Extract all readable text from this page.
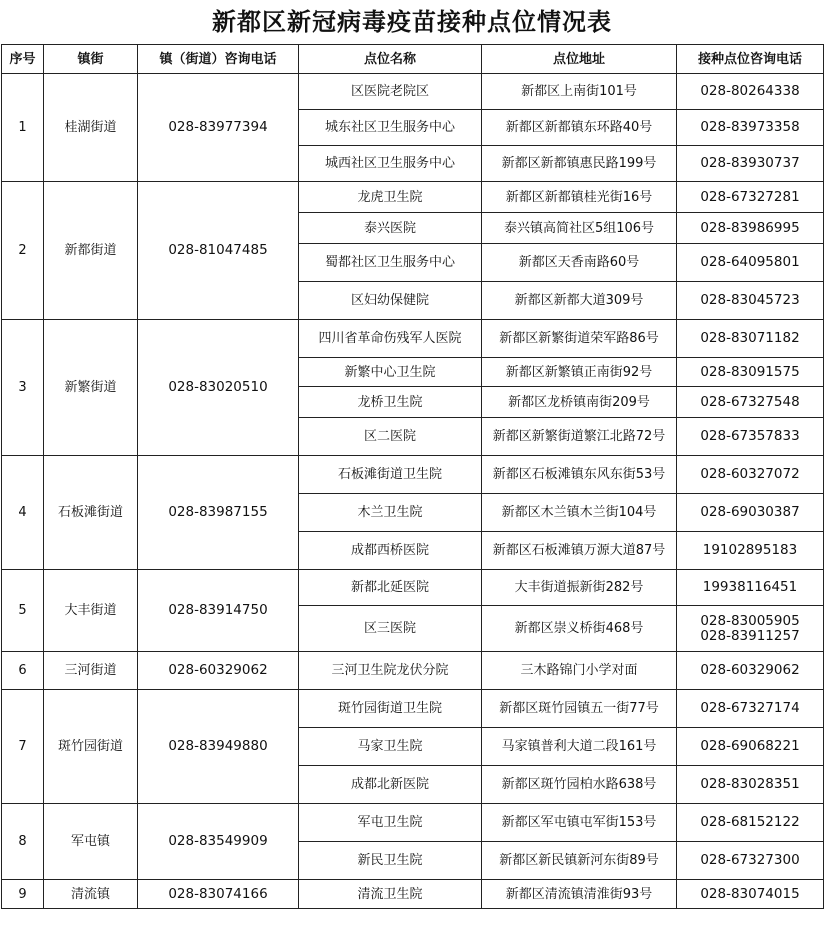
新都区新冠病毒疫苗接种点位情况表
序号	镇街	镇（街道）咨询电话	点位名称	点位地址	接种点位咨询电话
1	桂湖街道	028-83977394	区医院老院区	新都区上南街101号	028-80264338

			城东社区卫生服务中心	新都区新都镇东环路40号	028-83973358

			城西社区卫生服务中心	新都区新都镇惠民路199号	028-83930737

2	新都街道	028-81047485	龙虎卫生院	新都区新都镇桂光街16号	028-67327281

			泰兴医院	泰兴镇高简社区5组106号	028-83986995

			蜀都社区卫生服务中心	新都区天香南路60号	028-64095801

			区妇幼保健院	新都区新都大道309号	028-83045723

3	新繁街道	028-83020510	四川省革命伤残军人医院	新都区新繁街道荣军路86号	028-83071182

			新繁中心卫生院	新都区新繁镇正南街92号	028-83091575

			龙桥卫生院	新都区龙桥镇南街209号	028-67327548

			区二医院	新都区新繁街道繁江北路72号	028-67357833

4	石板滩街道	028-83987155	石板滩街道卫生院	新都区石板滩镇东风东街53号	028-60327072

			木兰卫生院	新都区木兰镇木兰街104号	028-69030387

			成都西桥医院	新都区石板滩镇万源大道87号	19102895183

5	大丰街道	028-83914750	新都北延医院	大丰街道振新街282号	19938116451

			区三医院	新都区崇义桥街468号	028-83005905
028-83911257

6	三河街道	028-60329062	三河卫生院龙伏分院	三木路锦门小学对面	028-60329062

7	斑竹园街道	028-83949880	斑竹园街道卫生院	新都区斑竹园镇五一街77号	028-67327174

			马家卫生院	马家镇普利大道二段161号	028-69068221

			成都北新医院	新都区斑竹园柏水路638号	028-83028351

8	军屯镇	028-83549909	军屯卫生院	新都区军屯镇屯军街153号	028-68152122

			新民卫生院	新都区新民镇新河东街89号	028-67327300

9	清流镇	028-83074166	清流卫生院	新都区清流镇清淮街93号	028-83074015
